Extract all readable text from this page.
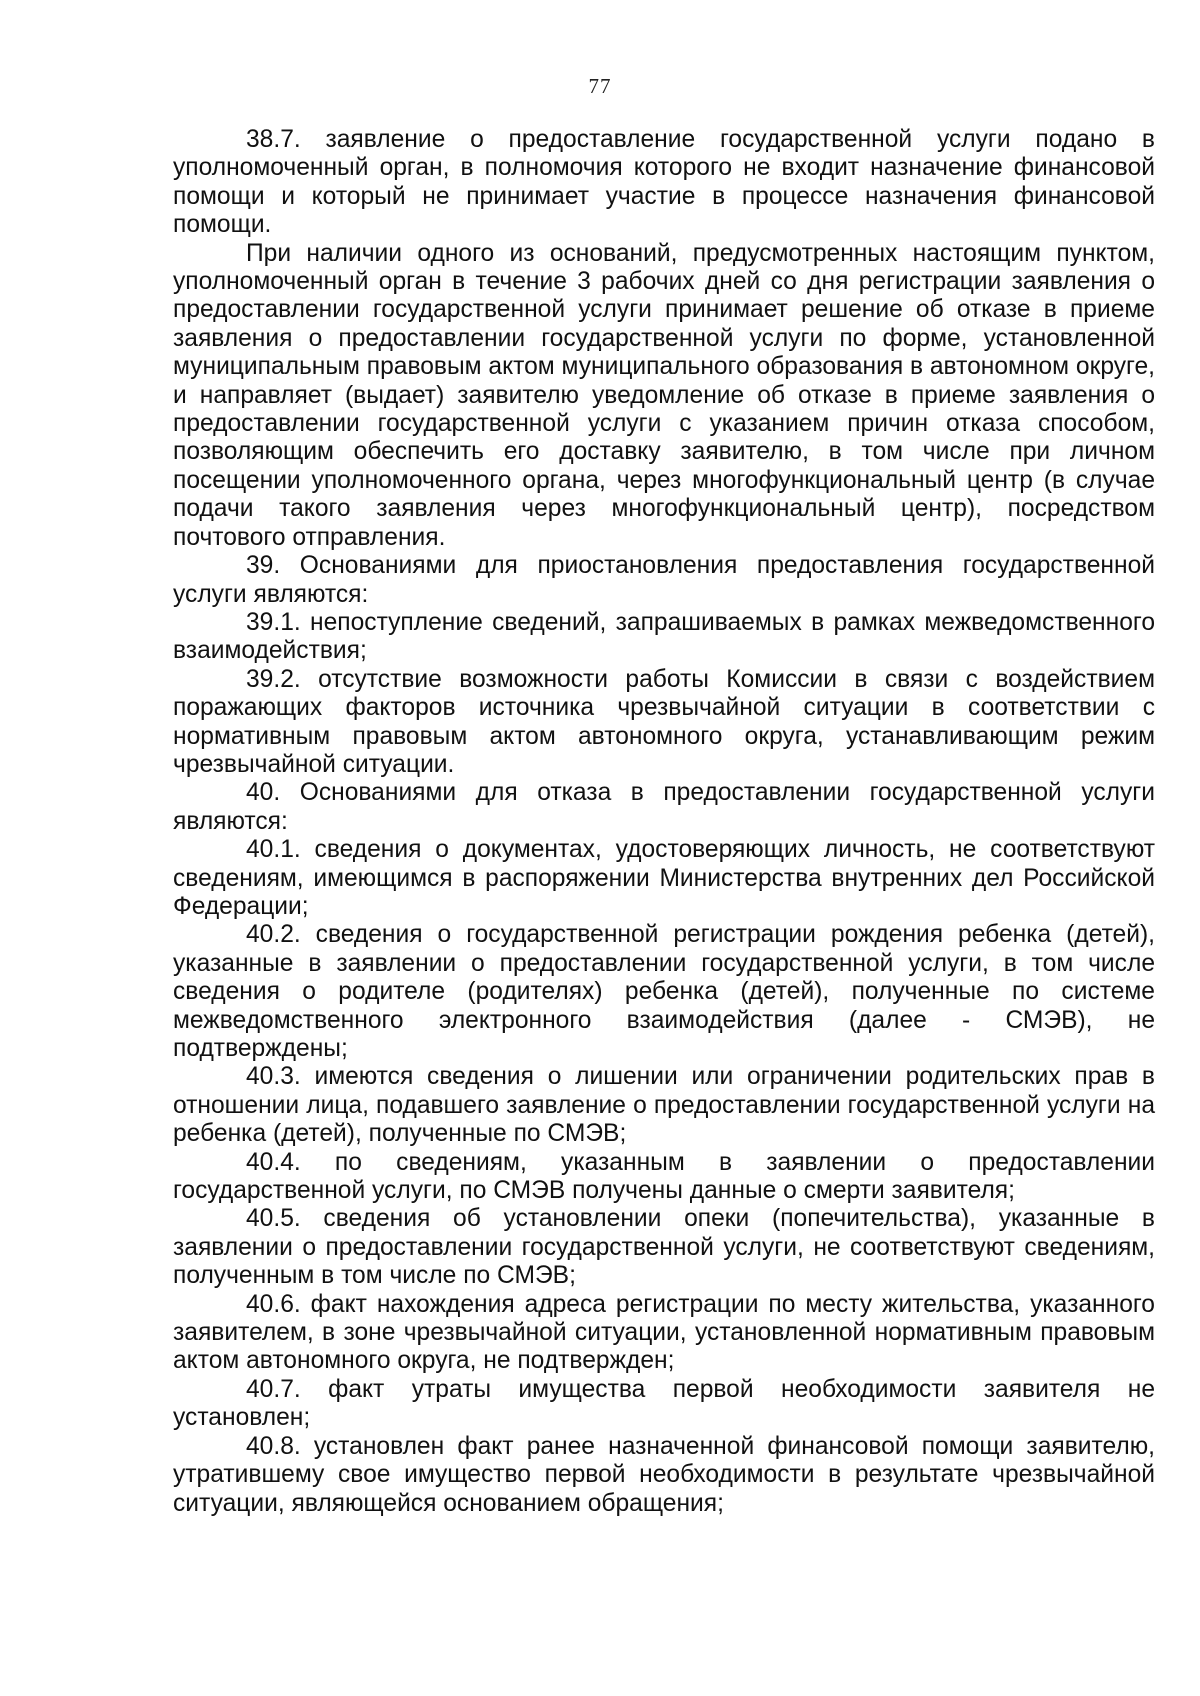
77

38.7. заявление о предоставление государственной услуги подано в уполномоченный орган, в полномочия которого не входит назначение финансовой помощи и который не принимает участие в процессе назначения финансовой помощи.

При наличии одного из оснований, предусмотренных настоящим пунктом, уполномоченный орган в течение 3 рабочих дней со дня регистрации заявления о предоставлении государственной услуги принимает решение об отказе в приеме заявления о предоставлении государственной услуги по форме, установленной муниципальным правовым актом муниципального образования в автономном округе, и направляет (выдает) заявителю уведомление об отказе в приеме заявления о предоставлении государственной услуги с указанием причин отказа способом, позволяющим обеспечить его доставку заявителю, в том числе при личном посещении уполномоченного органа, через многофункциональный центр (в случае подачи такого заявления через многофункциональный центр), посредством почтового отправления.

39. Основаниями для приостановления предоставления государственной услуги являются:

39.1. непоступление сведений, запрашиваемых в рамках межведомственного взаимодействия;

39.2. отсутствие возможности работы Комиссии в связи с воздействием поражающих факторов источника чрезвычайной ситуации в соответствии с нормативным правовым актом автономного округа, устанавливающим режим чрезвычайной ситуации.

40. Основаниями для отказа в предоставлении государственной услуги являются:

40.1. сведения о документах, удостоверяющих личность, не соответствуют сведениям, имеющимся в распоряжении Министерства внутренних дел Российской Федерации;

40.2. сведения о государственной регистрации рождения ребенка (детей), указанные в заявлении о предоставлении государственной услуги, в том числе сведения о родителе (родителях) ребенка (детей), полученные по системе межведомственного электронного взаимодействия (далее - СМЭВ), не подтверждены;

40.3. имеются сведения о лишении или ограничении родительских прав в отношении лица, подавшего заявление о предоставлении государственной услуги на ребенка (детей), полученные по СМЭВ;

40.4. по сведениям, указанным в заявлении о предоставлении государственной услуги, по СМЭВ получены данные о смерти заявителя;

40.5. сведения об установлении опеки (попечительства), указанные в заявлении о предоставлении государственной услуги, не соответствуют сведениям, полученным в том числе по СМЭВ;

40.6. факт нахождения адреса регистрации по месту жительства, указанного заявителем, в зоне чрезвычайной ситуации, установленной нормативным правовым актом автономного округа, не подтвержден;

40.7. факт утраты имущества первой необходимости заявителя не установлен;

40.8. установлен факт ранее назначенной финансовой помощи заявителю, утратившему свое имущество первой необходимости в результате чрезвычайной ситуации, являющейся основанием обращения;
